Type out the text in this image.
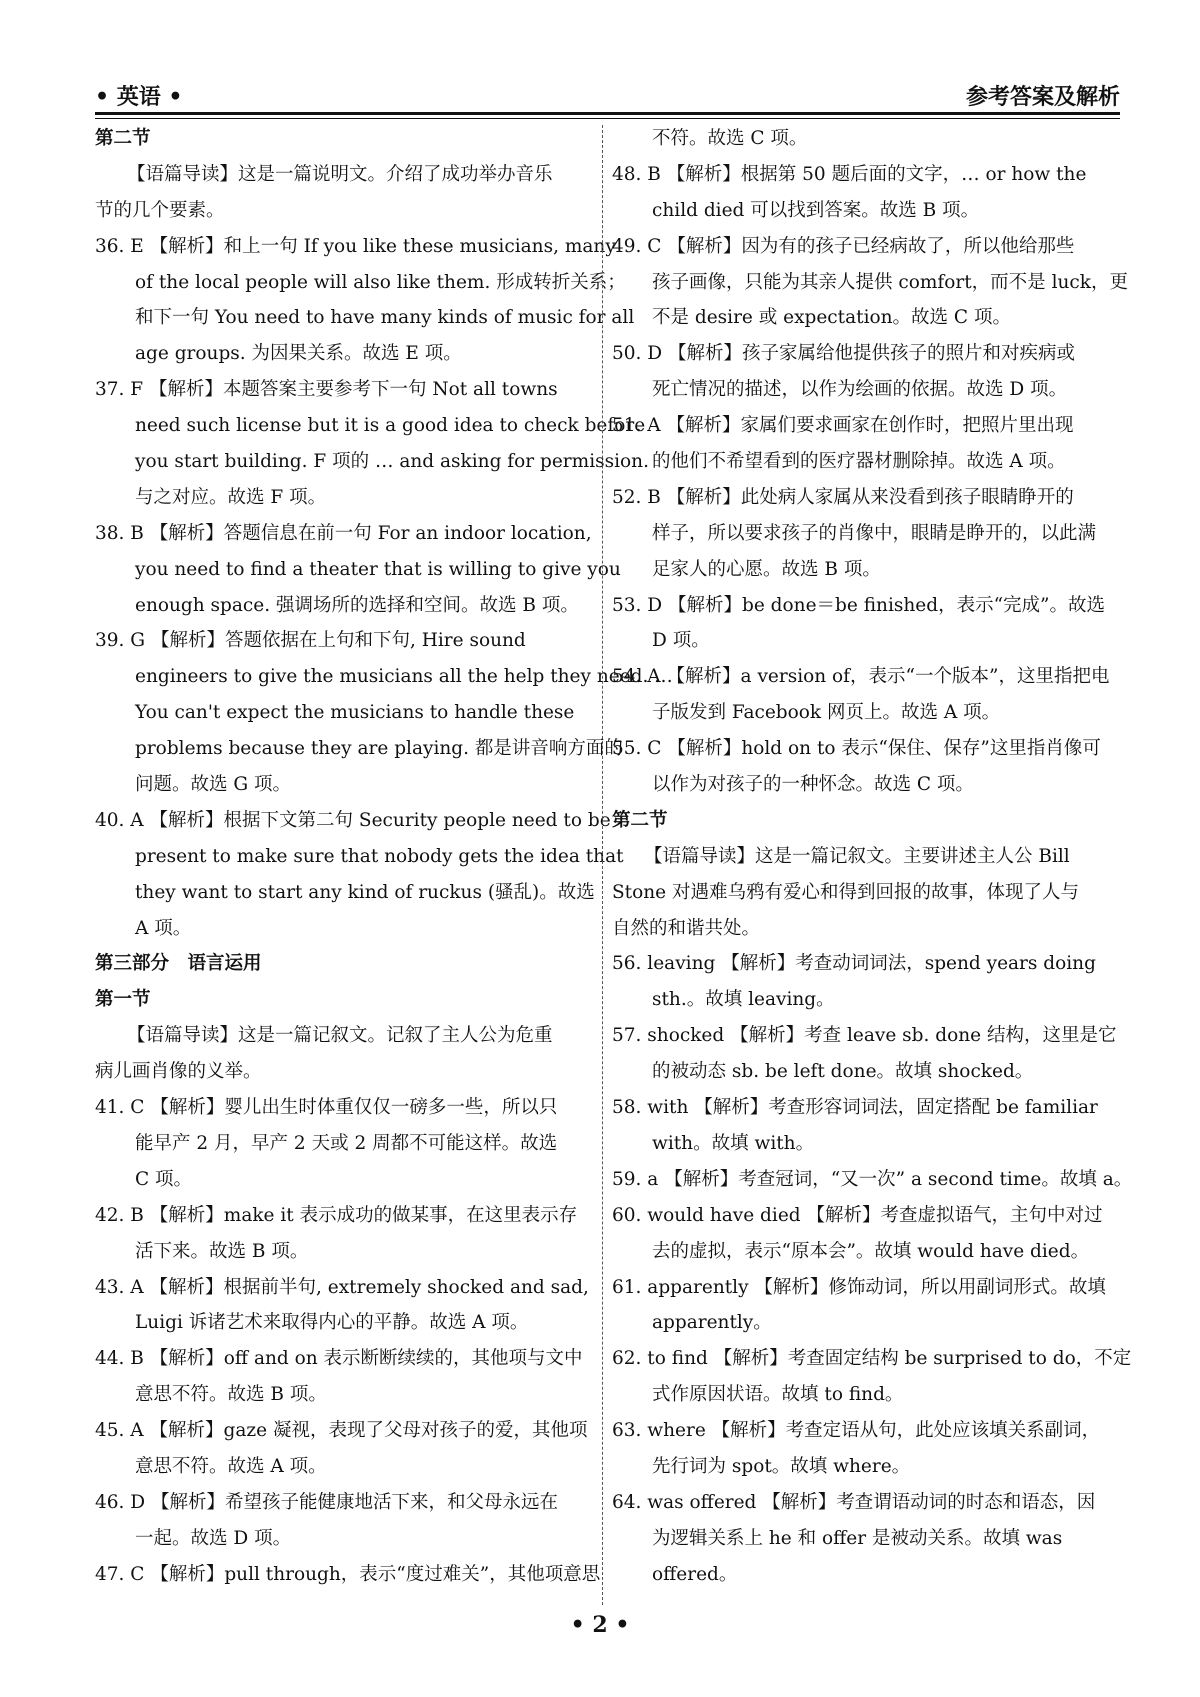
• 英语 •	参考答案及解析
第二节
【语篇导读】这是一篇说明文。介绍了成功举办音乐
节的几个要素。
36. E 【解析】和上一句 If you like these musicians, many
of the local people will also like them. 形成转折关系；
和下一句 You need to have many kinds of music for all
age groups. 为因果关系。故选 E 项。
37. F 【解析】本题答案主要参考下一句 Not all towns
need such license but it is a good idea to check before
you start building. F 项的 … and asking for permission.
与之对应。故选 F 项。
38. B 【解析】答题信息在前一句 For an indoor location,
you need to find a theater that is willing to give you
enough space. 强调场所的选择和空间。故选 B 项。
39. G 【解析】答题依据在上句和下句, Hire sound
engineers to give the musicians all the help they need. …
You can't expect the musicians to handle these
problems because they are playing. 都是讲音响方面的
问题。故选 G 项。
40. A 【解析】根据下文第二句 Security people need to be
present to make sure that nobody gets the idea that
they want to start any kind of ruckus (骚乱)。故选
A 项。
第三部分　语言运用
第一节
【语篇导读】这是一篇记叙文。记叙了主人公为危重
病儿画肖像的义举。
41. C 【解析】婴儿出生时体重仅仅一磅多一些，所以只
能早产 2 月，早产 2 天或 2 周都不可能这样。故选
C 项。
42. B 【解析】make it 表示成功的做某事，在这里表示存
活下来。故选 B 项。
43. A 【解析】根据前半句, extremely shocked and sad,
Luigi 诉诸艺术来取得内心的平静。故选 A 项。
44. B 【解析】off and on 表示断断续续的，其他项与文中
意思不符。故选 B 项。
45. A 【解析】gaze 凝视，表现了父母对孩子的爱，其他项
意思不符。故选 A 项。
46. D 【解析】希望孩子能健康地活下来，和父母永远在
一起。故选 D 项。
47. C 【解析】pull through，表示“度过难关”，其他项意思
不符。故选 C 项。
48. B 【解析】根据第 50 题后面的文字，… or how the
child died 可以找到答案。故选 B 项。
49. C 【解析】因为有的孩子已经病故了，所以他给那些
孩子画像，只能为其亲人提供 comfort，而不是 luck，更
不是 desire 或 expectation。故选 C 项。
50. D 【解析】孩子家属给他提供孩子的照片和对疾病或
死亡情况的描述，以作为绘画的依据。故选 D 项。
51. A 【解析】家属们要求画家在创作时，把照片里出现
的他们不希望看到的医疗器材删除掉。故选 A 项。
52. B 【解析】此处病人家属从来没看到孩子眼睛睁开的
样子，所以要求孩子的肖像中，眼睛是睁开的，以此满
足家人的心愿。故选 B 项。
53. D 【解析】be done＝be finished，表示“完成”。故选
D 项。
54. A 【解析】a version of，表示“一个版本”，这里指把电
子版发到 Facebook 网页上。故选 A 项。
55. C 【解析】hold on to 表示“保住、保存”这里指肖像可
以作为对孩子的一种怀念。故选 C 项。
第二节
【语篇导读】这是一篇记叙文。主要讲述主人公 Bill
Stone 对遇难乌鸦有爱心和得到回报的故事，体现了人与
自然的和谐共处。
56. leaving 【解析】考查动词词法，spend years doing
sth.。故填 leaving。
57. shocked 【解析】考查 leave sb. done 结构，这里是它
的被动态 sb. be left done。故填 shocked。
58. with 【解析】考查形容词词法，固定搭配 be familiar
with。故填 with。
59. a 【解析】考查冠词，“又一次” a second time。故填 a。
60. would have died 【解析】考查虚拟语气，主句中对过
去的虚拟，表示“原本会”。故填 would have died。
61. apparently 【解析】修饰动词，所以用副词形式。故填
apparently。
62. to find 【解析】考查固定结构 be surprised to do，不定
式作原因状语。故填 to find。
63. where 【解析】考查定语从句，此处应该填关系副词，
先行词为 spot。故填 where。
64. was offered 【解析】考查谓语动词的时态和语态，因
为逻辑关系上 he 和 offer 是被动关系。故填 was
offered。
• 2 •
